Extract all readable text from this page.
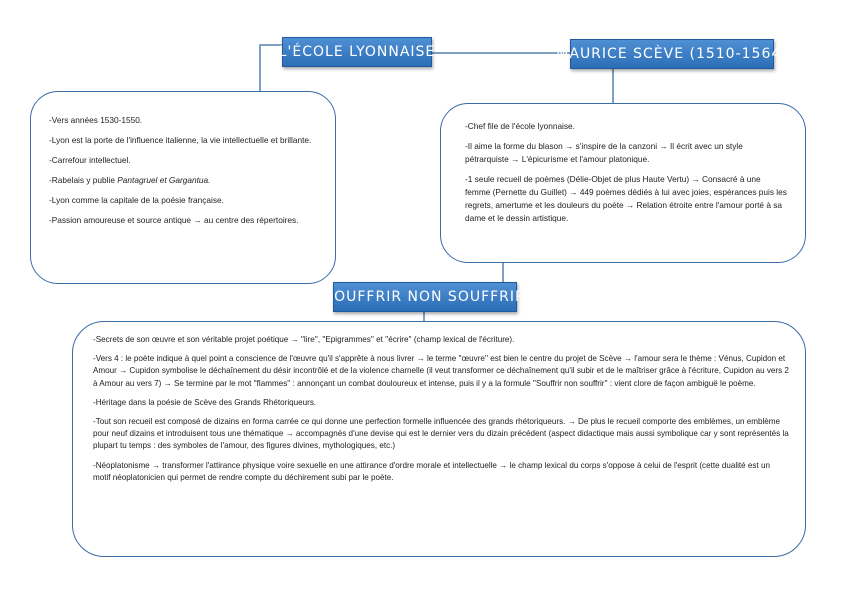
L'ÉCOLE LYONNAISE	MAURICE SCÈVE (1510-1564)
SOUFFRIR NON SOUFFRIR

-Vers années 1530-1550.

-Lyon est la porte de l'influence italienne, la vie intellectuelle et brillante.

-Carrefour intellectuel.

-Rabelais y publie Pantagruel et Gargantua.

-Lyon comme la capitale de la poésie française.

-Passion amoureuse et source antique → au centre des répertoires.

-Chef file de l'école lyonnaise.

-Il aime la forme du blason → s'inspire de la canzoni → Il écrit avec un style pétrarquiste → L'épicurisme et l'amour platonique.

-1 seule recueil de poèmes (Délie-Objet de plus Haute Vertu) → Consacré à une femme (Pernette du Guillet) → 449 poèmes dédiés à lui avec joies, espérances puis les regrets, amertume et les douleurs du poète → Relation étroite entre l'amour porté à sa dame et le dessin artistique.

-Secrets de son œuvre et son véritable projet poétique → ''lire'', ''Epigrammes'' et ''écrire'' (champ lexical de l'écriture).

-Vers 4 : le poète indique à quel point a conscience de l'œuvre qu'il s'apprête à nous livrer → le terme ''œuvre'' est bien le centre du projet de Scève → l'amour sera le thème : Vénus, Cupidon et Amour → Cupidon symbolise le déchaînement du désir incontrôlé et de la violence charnelle (il veut transformer ce déchaînement qu'il subir et de le maîtriser grâce à l'écriture, Cupidon au vers 2 à Amour au vers 7) → Se termine par le mot ''flammes'' : annonçant un combat douloureux et intense, puis il y a la formule ''Souffrir non souffrir'' : vient clore de façon ambiguë le poème.

-Héritage dans la poésie de Scève des Grands Rhétoriqueurs.

-Tout son recueil est composé de dizains en forma carrée ce qui donne une perfection formelle influencée des grands rhétoriqueurs. → De plus le recueil comporte des emblèmes, un emblème pour neuf dizains et introduisent tous une thématique → accompagnés d'une devise qui est le dernier vers du dizain précédent (aspect didactique mais aussi symbolique car y sont représentés la plupart tu temps : des symboles de l'amour, des figures divines, mythologiques, etc.)

-Néoplatonisme → transformer l'attirance physique voire sexuelle en une attirance d'ordre morale et intellectuelle → le champ lexical du corps s'oppose à celui de l'esprit (cette dualité est un motif néoplatonicien qui permet de rendre compte du déchirement subi par le poète.
